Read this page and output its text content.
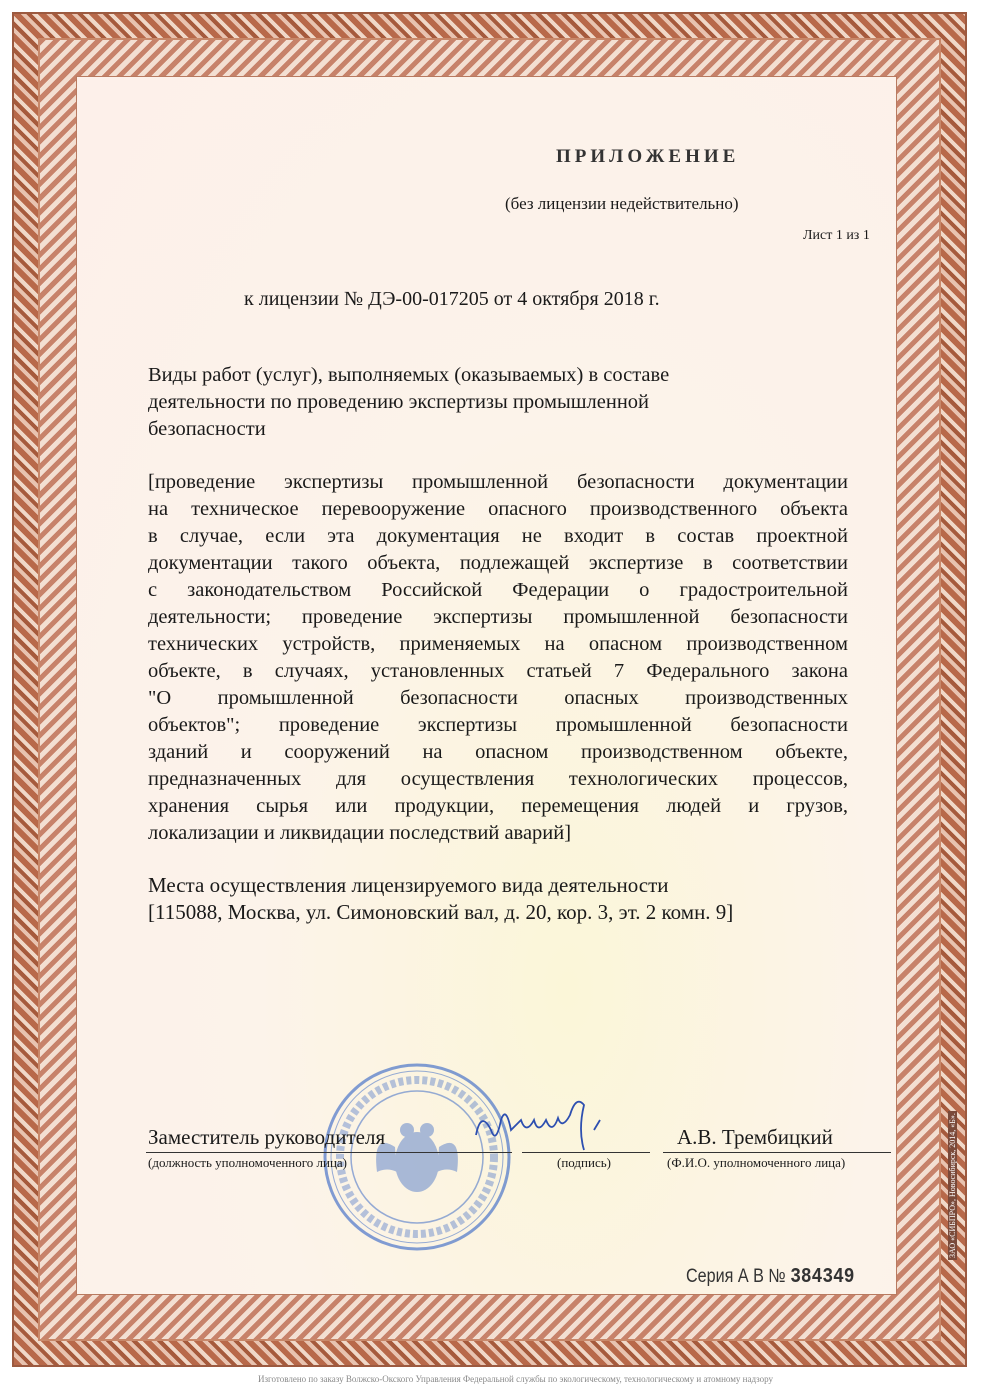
ПРИЛОЖЕНИЕ
(без лицензии недействительно)
Лист 1 из 1
к лицензии № ДЭ-00-017205 от 4 октября 2018 г.
Виды работ (услуг), выполняемых (оказываемых) в составе
деятельности по проведению экспертизы промышленной
безопасности
[проведение экспертизы промышленной безопасности документации
на техническое перевооружение опасного производственного объекта
в случае, если эта документация не входит в состав проектной
документации такого объекта, подлежащей экспертизе в соответствии
с законодательством Российской Федерации о градостроительной
деятельности; проведение экспертизы промышленной безопасности
технических устройств, применяемых на опасном производственном
объекте, в случаях, установленных статьей 7 Федерального закона
"О промышленной безопасности опасных производственных
объектов"; проведение экспертизы промышленной безопасности
зданий и сооружений на опасном производственном объекте,
предназначенных для осуществления технологических процессов,
хранения сырья или продукции, перемещения людей и грузов,
локализации и ликвидации последствий аварий]
Места осуществления лицензируемого вида деятельности
[115088, Москва, ул. Симоновский вал, д. 20, кор. 3, эт. 2 комн. 9]
Заместитель руководителя
(должность уполномоченного лица)	(подпись)
А.В. Трембицкий
(Ф.И.О. уполномоченного лица)
Серия А В № 384349
Изготовлено по заказу Волжско-Окского Управления Федеральной службы по экологическому, технологическому и атомному надзору
ЗАО «СИБПРО», Новосибирск, 2014, «Б».
